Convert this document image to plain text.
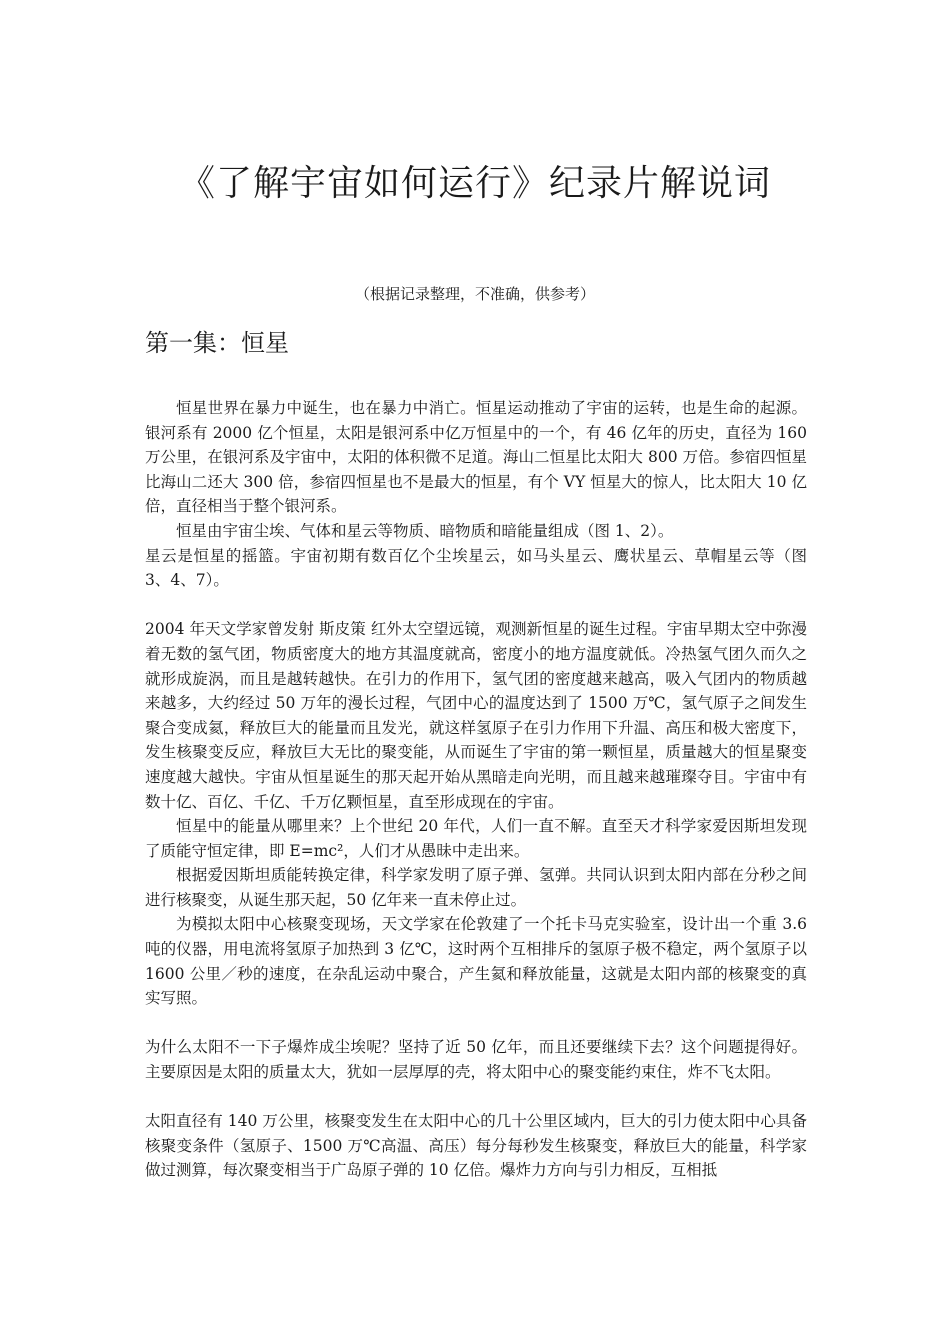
《了解宇宙如何运行》纪录片解说词

（根据记录整理，不准确，供参考）

第一集：恒星

恒星世界在暴力中诞生，也在暴力中消亡。恒星运动推动了宇宙的运转，也是生命的起源。银河系有 2000 亿个恒星，太阳是银河系中亿万恒星中的一个，有 46 亿年的历史，直径为 160 万公里，在银河系及宇宙中，太阳的体积微不足道。海山二恒星比太阳大 800 万倍。参宿四恒星比海山二还大 300 倍，参宿四恒星也不是最大的恒星，有个 VY 恒星大的惊人，比太阳大 10 亿倍，直径相当于整个银河系。

恒星由宇宙尘埃、气体和星云等物质、暗物质和暗能量组成（图 1、2）。

星云是恒星的摇篮。宇宙初期有数百亿个尘埃星云，如马头星云、鹰状星云、草帽星云等（图 3、4、7）。

2004 年天文学家曾发射 斯皮策 红外太空望远镜，观测新恒星的诞生过程。宇宙早期太空中弥漫着无数的氢气团，物质密度大的地方其温度就高，密度小的地方温度就低。冷热氢气团久而久之就形成旋涡，而且是越转越快。在引力的作用下，氢气团的密度越来越高，吸入气团内的物质越来越多，大约经过 50 万年的漫长过程，气团中心的温度达到了 1500 万℃，氢气原子之间发生聚合变成氦，释放巨大的能量而且发光，就这样氢原子在引力作用下升温、高压和极大密度下，发生核聚变反应，释放巨大无比的聚变能，从而诞生了宇宙的第一颗恒星，质量越大的恒星聚变速度越大越快。宇宙从恒星诞生的那天起开始从黑暗走向光明，而且越来越璀璨夺目。宇宙中有数十亿、百亿、千亿、千万亿颗恒星，直至形成现在的宇宙。

恒星中的能量从哪里来？上个世纪 20 年代，人们一直不解。直至天才科学家爱因斯坦发现了质能守恒定律，即 E=mc²，人们才从愚昧中走出来。

根据爱因斯坦质能转换定律，科学家发明了原子弹、氢弹。共同认识到太阳内部在分秒之间进行核聚变，从诞生那天起，50 亿年来一直未停止过。

为模拟太阳中心核聚变现场，天文学家在伦敦建了一个托卡马克实验室，设计出一个重 3.6 吨的仪器，用电流将氢原子加热到 3 亿℃，这时两个互相排斥的氢原子极不稳定，两个氢原子以 1600 公里／秒的速度，在杂乱运动中聚合，产生氦和释放能量，这就是太阳内部的核聚变的真实写照。

为什么太阳不一下子爆炸成尘埃呢？坚持了近 50 亿年，而且还要继续下去？这个问题提得好。主要原因是太阳的质量太大，犹如一层厚厚的壳，将太阳中心的聚变能约束住，炸不飞太阳。

太阳直径有 140 万公里，核聚变发生在太阳中心的几十公里区域内，巨大的引力使太阳中心具备核聚变条件（氢原子、1500 万℃高温、高压）每分每秒发生核聚变，释放巨大的能量，科学家做过测算，每次聚变相当于广岛原子弹的 10 亿倍。爆炸力方向与引力相反，互相抵
